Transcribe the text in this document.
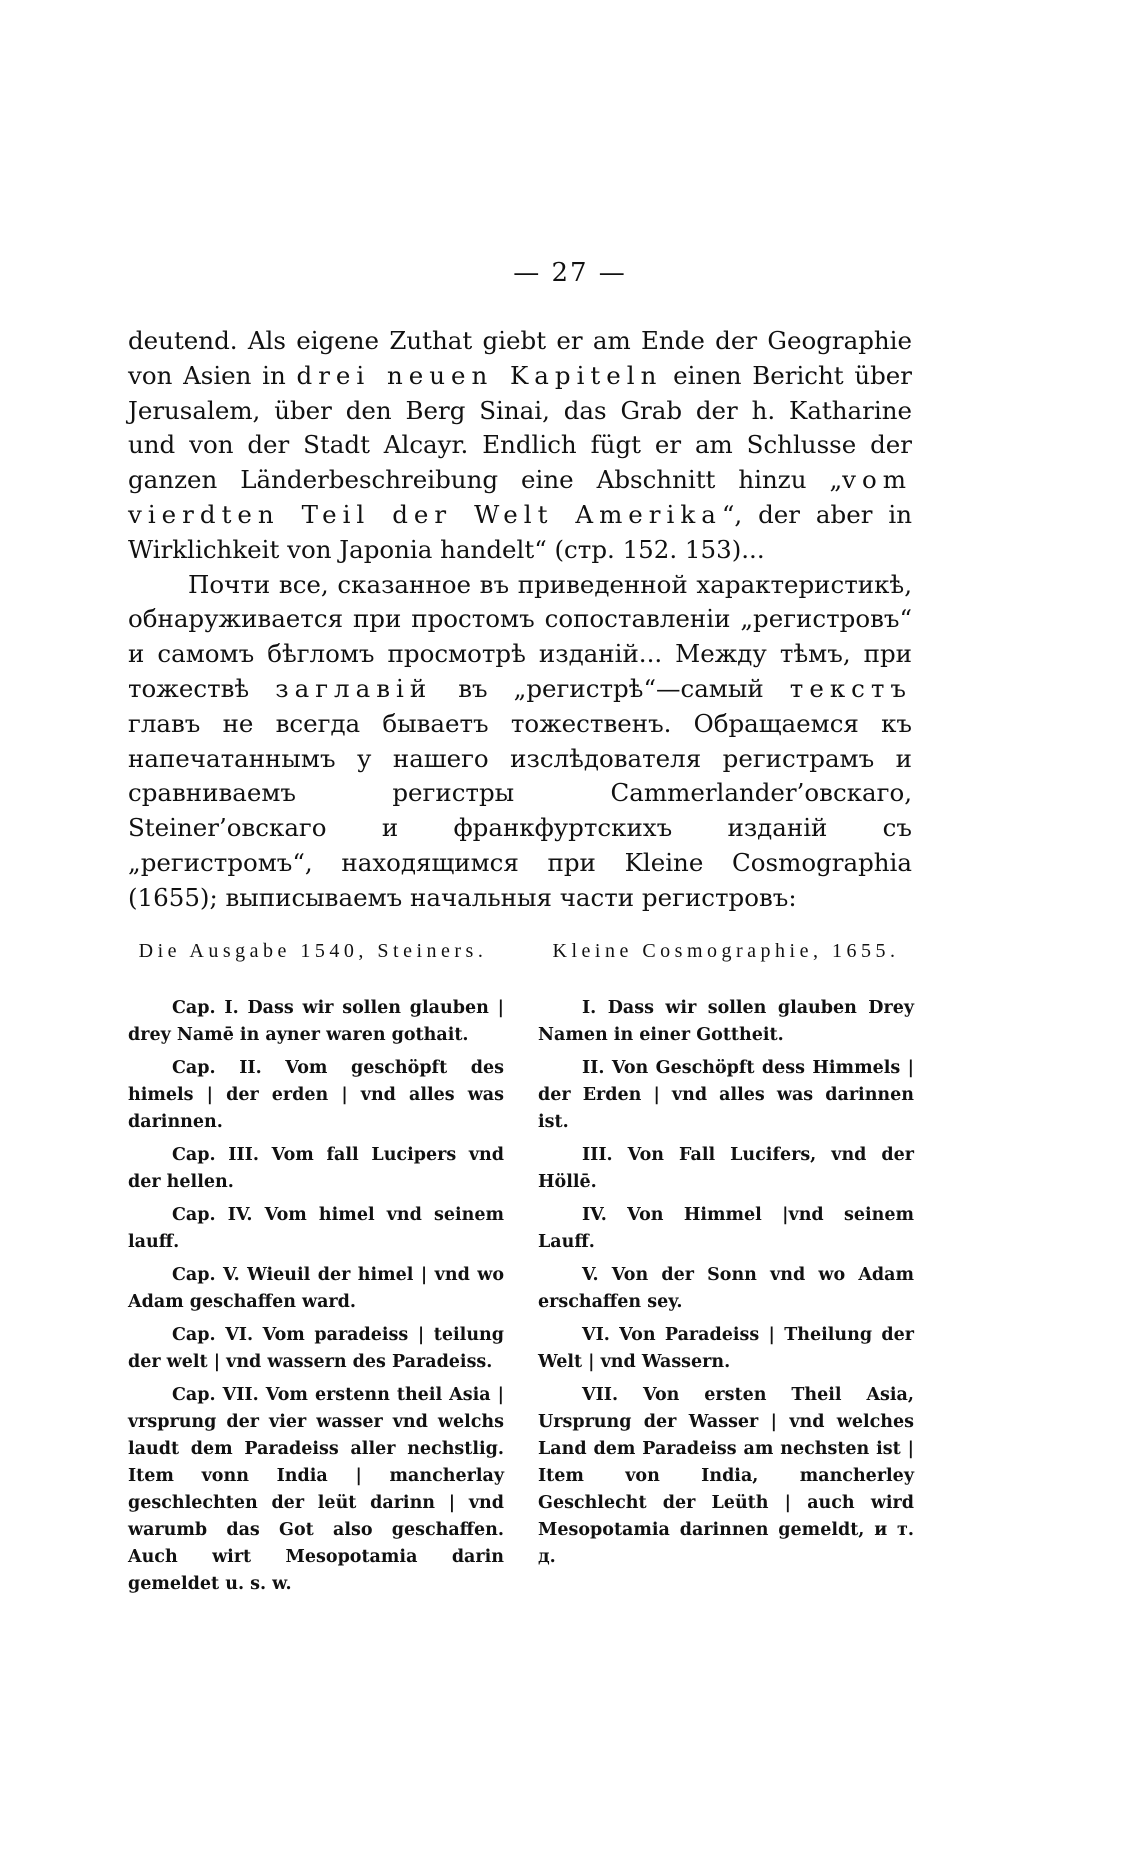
— 27 —

deutend. Als eigene Zuthat giebt er am Ende der Geographie von Asien in drei neuen Kapiteln einen Bericht über Jerusalem, über den Berg Sinai, das Grab der h. Katharine und von der Stadt Alcayr. Endlich fügt er am Schlusse der ganzen Länderbeschreibung eine Abschnitt hinzu „vom vierdten Teil der Welt Amerika“, der aber in Wirklichkeit von Japonia handelt“ (стр. 152. 153)...

Почти все, сказанное въ приведенной характеристикѣ, обнаруживается при простомъ сопоставленiи „регистровъ“ и самомъ бѣгломъ просмотрѣ изданiй... Между тѣмъ, при тожествѣ заглавiй въ „регистрѣ“—самый текстъ главъ не всегда бываетъ тожественъ. Обращаемся къ напечатаннымъ у нашего изслѣдователя регистрамъ и сравниваемъ регистры Cammerlander’овскаго, Steiner’овскаго и франкфуртскихъ изданiй съ „регистромъ“, находящимся при Kleine Cosmographia (1655); выписываемъ начальныя части регистровъ:

Die Ausgabe 1540, Steiners.

Cap. I. Dass wir sollen glauben | drey Namē in ayner waren gothait.

Cap. II. Vom geschöpft des himels | der erden | vnd alles was darinnen.

Cap. III. Vom fall Lucipers vnd der hellen.

Cap. IV. Vom himel vnd seinem lauff.

Cap. V. Wieuil der himel | vnd wo Adam geschaffen ward.

Cap. VI. Vom paradeiss | teilung der welt | vnd wassern des Paradeiss.

Cap. VII. Vom erstenn theil Asia | vrsprung der vier wasser vnd welchs laudt dem Paradeiss aller nechstlig. Item vonn India | mancherlay geschlechten der leüt darinn | vnd warumb das Got also geschaffen. Auch wirt Mesopotamia darin gemeldet u. s. w.

Kleine Cosmographie, 1655.

I. Dass wir sollen glauben Drey Namen in einer Gottheit.

II. Von Geschöpft dess Himmels | der Erden | vnd alles was darinnen ist.

III. Von Fall Lucifers, vnd der Höllē.

IV. Von Himmel |vnd seinem Lauff.

V. Von der Sonn vnd wo Adam erschaffen sey.

VI. Von Paradeiss | Theilung der Welt | vnd Wassern.

VII. Von ersten Theil Asia, Ursprung der Wasser | vnd welches Land dem Paradeiss am nechsten ist | Item von India, mancherley Geschlecht der Leüth | auch wird Mesopotamia darinnen gemeldt, и т. д.
